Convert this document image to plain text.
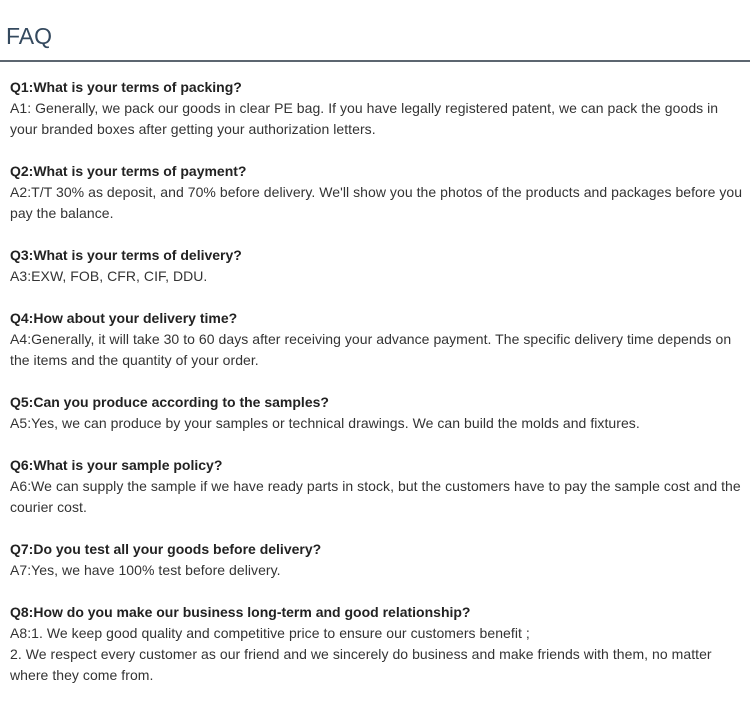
FAQ

Q1:What is your terms of packing?

A1: Generally, we pack our goods in clear PE bag. If you have legally registered patent, we can pack the goods in your branded boxes after getting your authorization letters.

Q2:What is your terms of payment?

A2:T/T 30% as deposit, and 70% before delivery. We'll show you the photos of the products and packages before you pay the balance.

Q3:What is your terms of delivery?

A3:EXW, FOB, CFR, CIF, DDU.

Q4:How about your delivery time?

A4:Generally, it will take 30 to 60 days after receiving your advance payment. The specific delivery time depends on the items and the quantity of your order.

Q5:Can you produce according to the samples?

A5:Yes, we can produce by your samples or technical drawings. We can build the molds and fixtures.

Q6:What is your sample policy?

A6:We can supply the sample if we have ready parts in stock, but the customers have to pay the sample cost and the courier cost.

Q7:Do you test all your goods before delivery?

A7:Yes, we have 100% test before delivery.

Q8:How do you make our business long-term and good relationship?

A8:1. We keep good quality and competitive price to ensure our customers benefit ;

2. We respect every customer as our friend and we sincerely do business and make friends with them, no matter where they come from.
